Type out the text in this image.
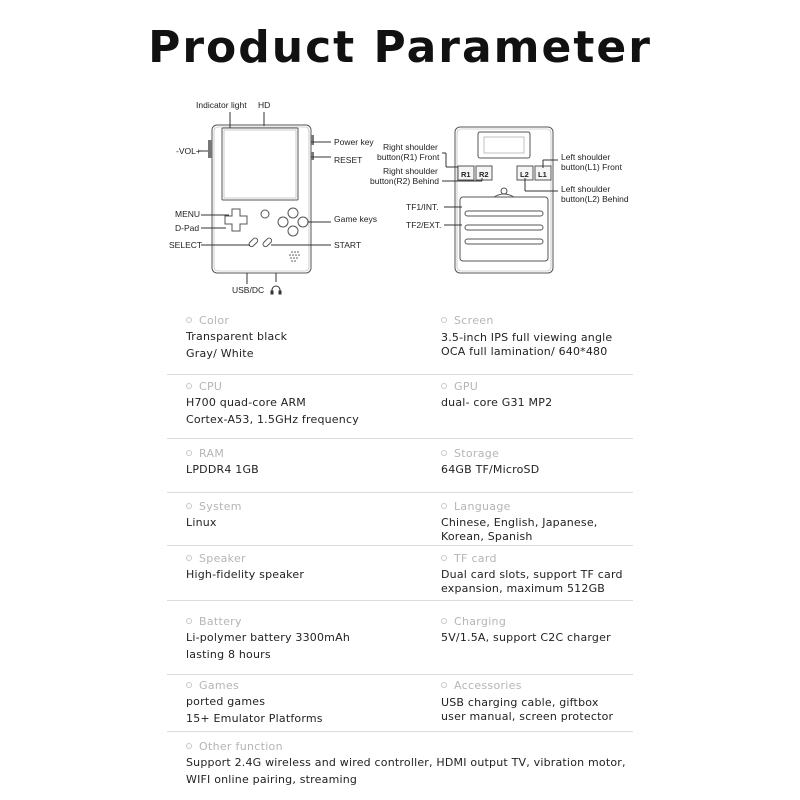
Product Parameter
Indicator light HD
-VOL+
Power key
RESET
MENU
D-Pad
Game keys
SELECT	START
USB/DC
R1 R2	L2 L1
Right shoulder
button(R1) Front
Right shoulder
button(R2) Behind
Left shoulder
button(L1) Front
Left shoulder
button(L2) Behind
TF1/INT.
TF2/EXT.
Color
Transparent black
Gray/ White
Screen
3.5-inch IPS full viewing angle
OCA full lamination/ 640*480
CPU
H700 quad-core ARM
Cortex-A53, 1.5GHz frequency
GPU
dual- core G31 MP2
RAM
LPDDR4 1GB
Storage
64GB TF/MicroSD
System
Linux
Language
Chinese, English, Japanese,
Korean, Spanish
Speaker
High-fidelity speaker
TF card
Dual card slots, support TF card
expansion, maximum 512GB
Battery
Li-polymer battery 3300mAh
lasting 8 hours
Charging
5V/1.5A, support C2C charger
Games
ported games
15+ Emulator Platforms
Accessories
USB charging cable, giftbox
user manual, screen protector
Other function
Support 2.4G wireless and wired controller, HDMI output TV, vibration motor,
WIFI online pairing, streaming
